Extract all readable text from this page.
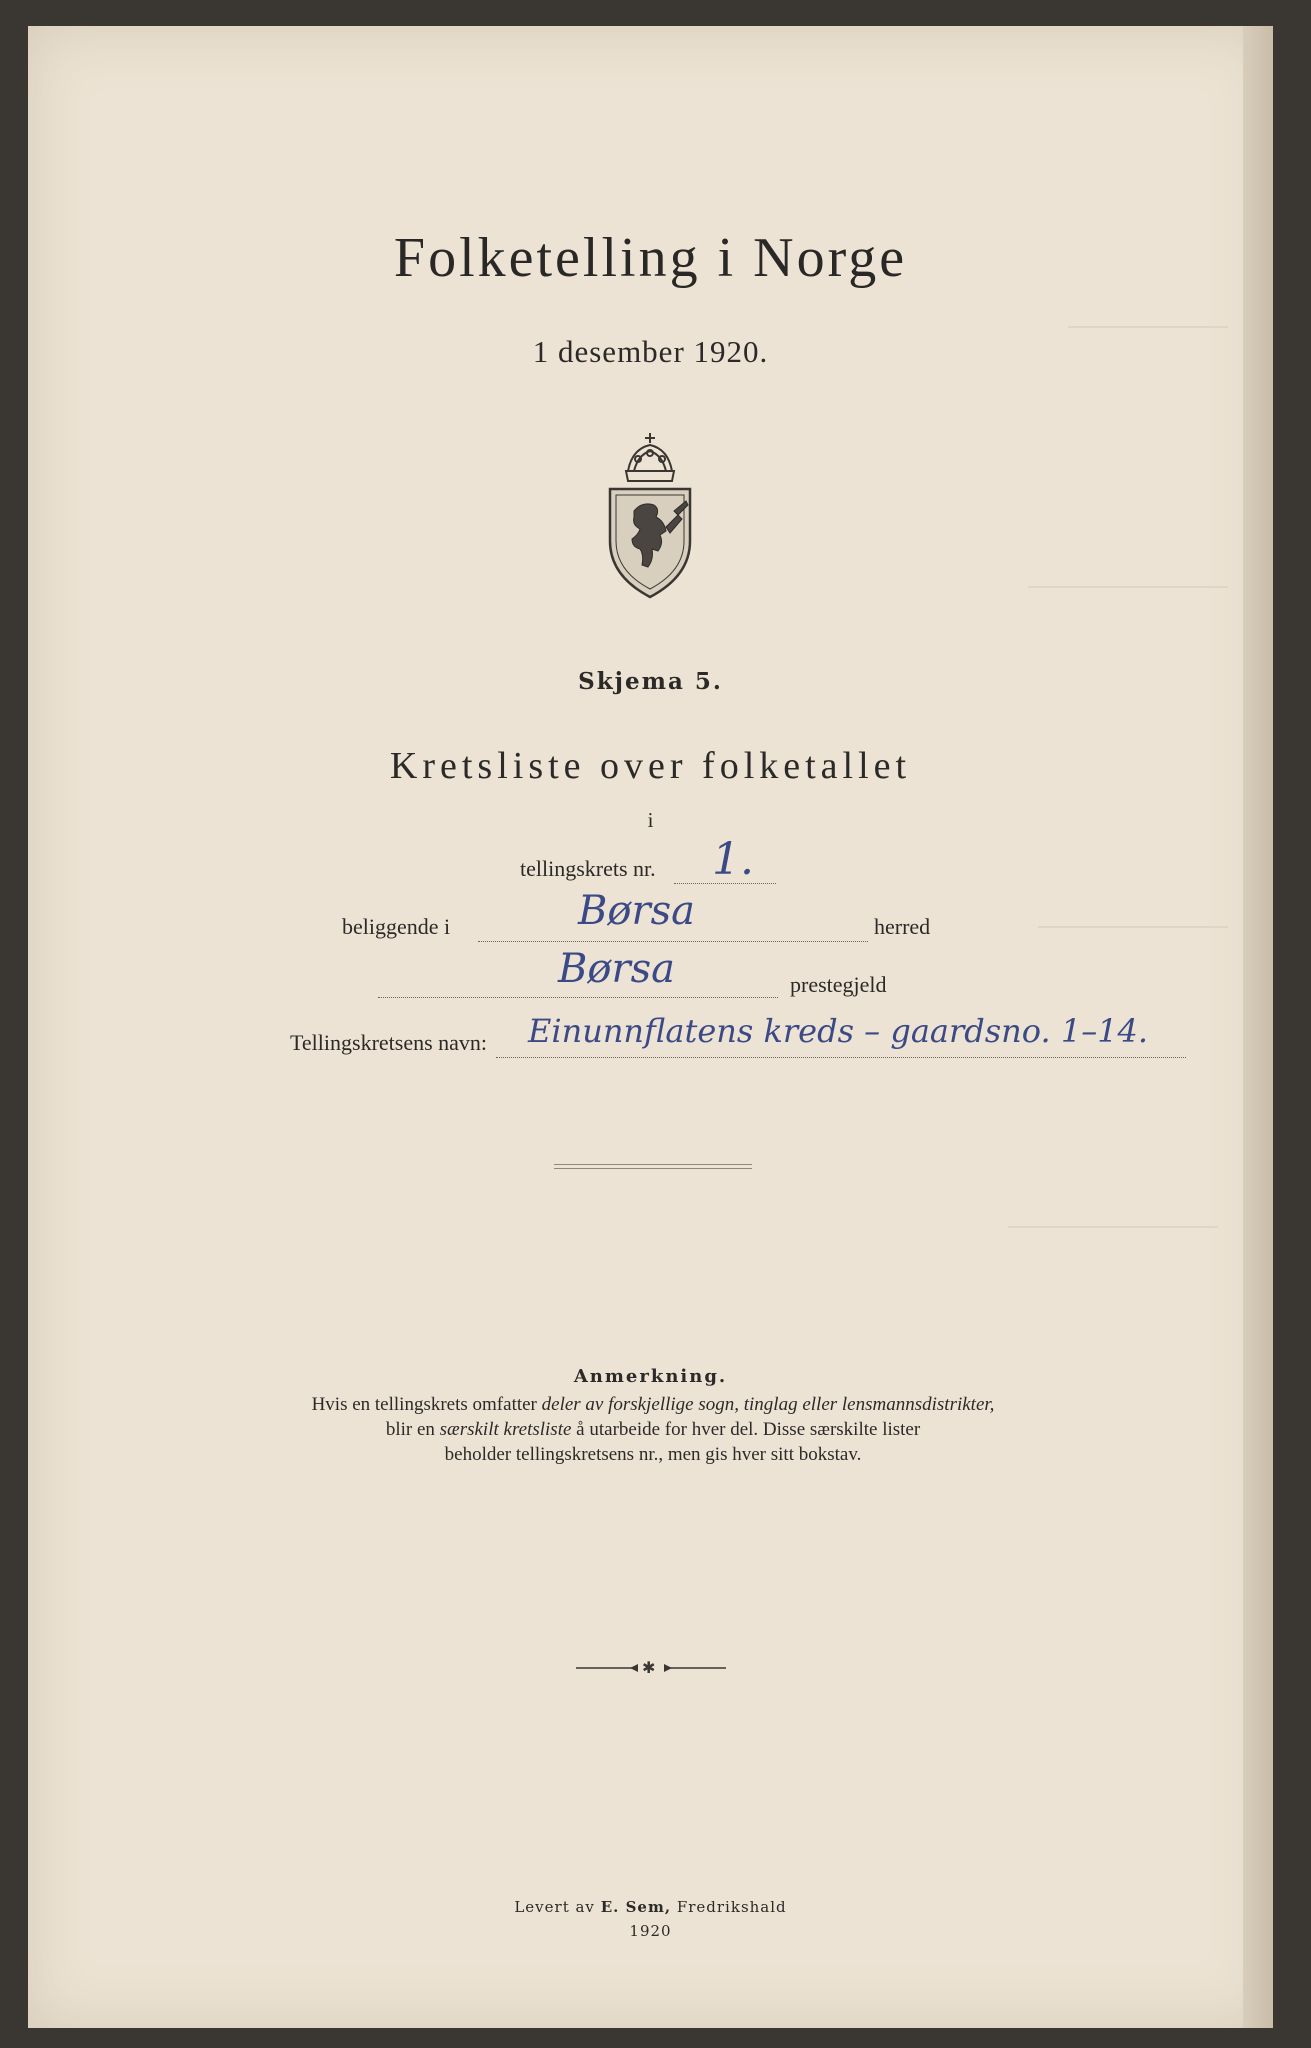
Folketelling i Norge
1 desember 1920.
Skjema 5.
Kretsliste over folketallet
i
tellingskrets nr. 1.
beliggende i	Børsa	herred
Børsa	prestegjeld
Tellingskretsens navn: Einunnflatens kreds – gaardsno. 1–14.
Anmerkning.
Hvis en tellingskrets omfatter deler av forskjellige sogn, tinglag eller lensmannsdistrikter,
blir en særskilt kretsliste å utarbeide for hver del. Disse særskilte lister
beholder tellingskretsens nr., men gis hver sitt bokstav.
✱
Levert av E. Sem, Fredrikshald
1920
